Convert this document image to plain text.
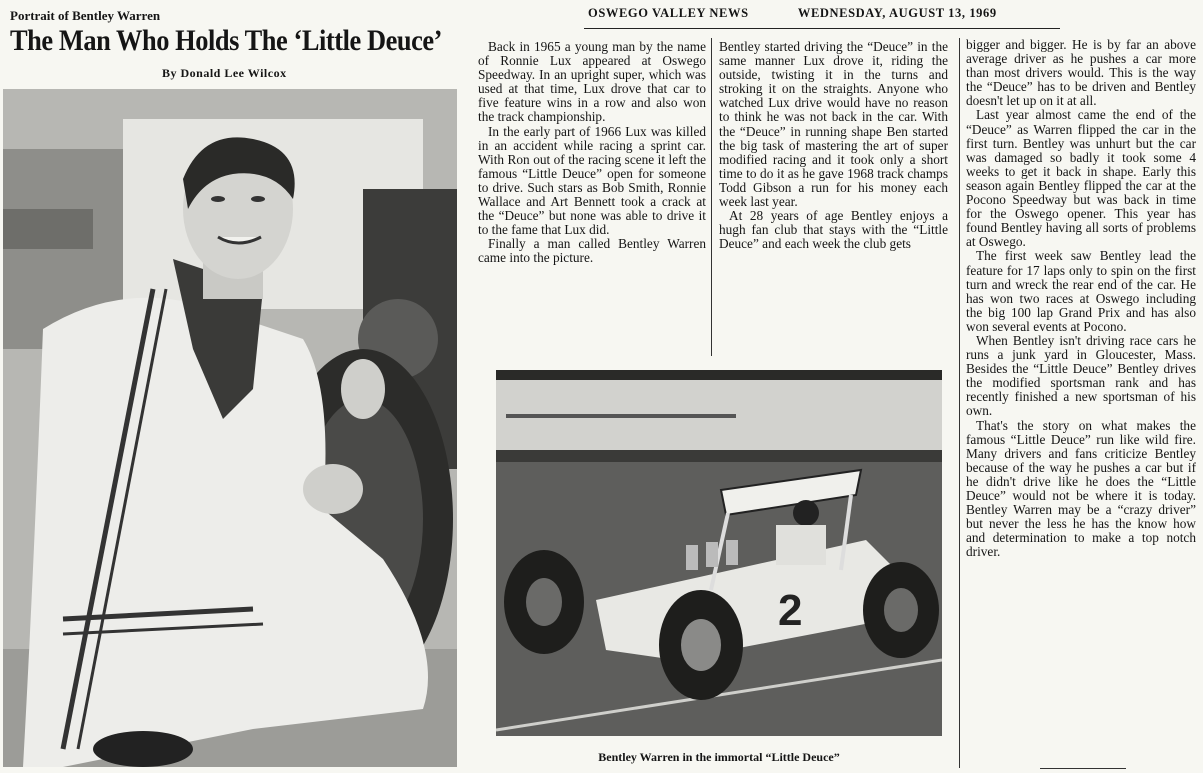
Portrait of Bentley Warren
The Man Who Holds The ‘Little Deuce’
By Donald Lee Wilcox
OSWEGO VALLEY NEWS	WEDNESDAY, AUGUST 13, 1969

Back in 1965 a young man by the name of Ronnie Lux appeared at Oswego Speedway. In an upright super, which was used at that time, Lux drove that car to five feature wins in a row and also won the track championship.

In the early part of 1966 Lux was killed in an accident while racing a sprint car. With Ron out of the racing scene it left the famous “Little Deuce” open for someone to drive. Such stars as Bob Smith, Ronnie Wallace and Art Bennett took a crack at the “Deuce” but none was able to drive it to the fame that Lux did.

Finally a man called Bentley Warren came into the picture.

Bentley started driving the “Deuce” in the same manner Lux drove it, riding the outside, twisting it in the turns and stroking it on the straights. Anyone who watched Lux drive would have no reason to think he was not back in the car. With the “Deuce” in running shape Ben started the big task of mastering the art of super modified racing and it took only a short time to do it as he gave 1968 track champs Todd Gibson a run for his money each week last year.

At 28 years of age Bentley enjoys a hugh fan club that stays with the “Little Deuce” and each week the club gets

bigger and bigger. He is by far an above average driver as he pushes a car more than most drivers would. This is the way the “Deuce” has to be driven and Bentley doesn't let up on it at all.

Last year almost came the end of the “Deuce” as Warren flipped the car in the first turn. Bentley was unhurt but the car was damaged so badly it took some 4 weeks to get it back in shape. Early this season again Bentley flipped the car at the Pocono Speedway but was back in time for the Oswego opener. This year has found Bentley having all sorts of problems at Oswego.

The first week saw Bentley lead the feature for 17 laps only to spin on the first turn and wreck the rear end of the car. He has won two races at Oswego including the big 100 lap Grand Prix and has also won several events at Pocono.

When Bentley isn't driving race cars he runs a junk yard in Gloucester, Mass. Besides the “Little Deuce” Bentley drives the modified sportsman rank and has recently finished a new sportsman of his own.

That's the story on what makes the famous “Little Deuce” run like wild fire. Many drivers and fans criticize Bentley because of the way he pushes a car but if he didn't drive like he does the “Little Deuce” would not be where it is today. Bentley Warren may be a “crazy driver” but never the less he has the know how and determination to make a top notch driver.

2
Bentley Warren in the immortal “Little Deuce”
